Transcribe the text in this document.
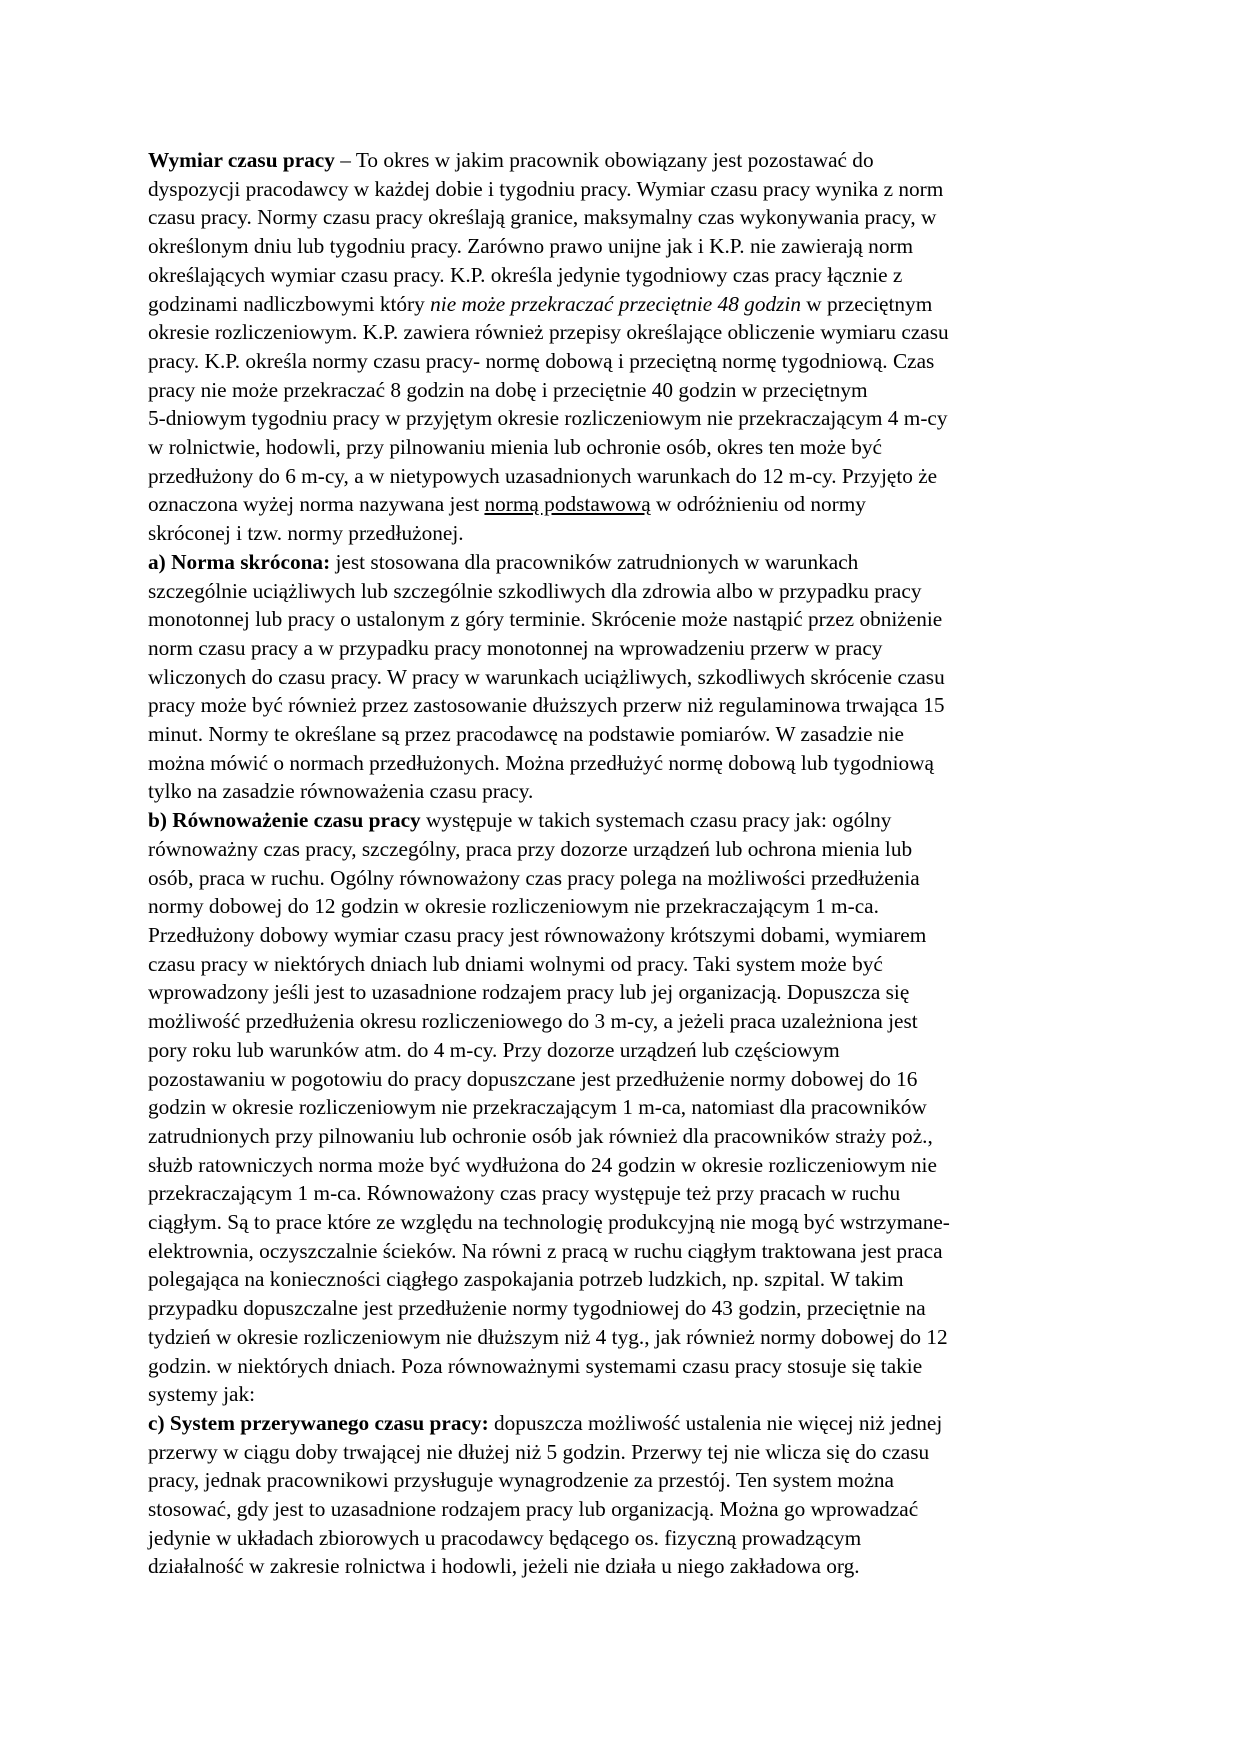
Wymiar czasu pracy – To okres w jakim pracownik obowiązany jest pozostawać do
dyspozycji pracodawcy w każdej dobie i tygodniu pracy. Wymiar czasu pracy wynika z norm
czasu pracy. Normy czasu pracy określają granice, maksymalny czas wykonywania pracy, w
określonym dniu lub tygodniu pracy. Zarówno prawo unijne jak i K.P. nie zawierają norm
określających wymiar czasu pracy. K.P. określa jedynie tygodniowy czas pracy łącznie z
godzinami nadliczbowymi który nie może przekraczać przeciętnie 48 godzin w przeciętnym
okresie rozliczeniowym. K.P. zawiera również przepisy określające obliczenie wymiaru czasu
pracy. K.P. określa normy czasu pracy- normę dobową i przeciętną normę tygodniową. Czas
pracy nie może przekraczać 8 godzin na dobę i przeciętnie 40 godzin w przeciętnym
5-dniowym tygodniu pracy w przyjętym okresie rozliczeniowym nie przekraczającym 4 m-cy
w rolnictwie, hodowli, przy pilnowaniu mienia lub ochronie osób, okres ten może być
przedłużony do 6 m-cy, a w nietypowych uzasadnionych warunkach do 12 m-cy. Przyjęto że
oznaczona wyżej norma nazywana jest normą podstawową w odróżnieniu od normy
skróconej i tzw. normy przedłużonej.
a) Norma skrócona: jest stosowana dla pracowników zatrudnionych w warunkach
szczególnie uciążliwych lub szczególnie szkodliwych dla zdrowia albo w przypadku pracy
monotonnej lub pracy o ustalonym z góry terminie. Skrócenie może nastąpić przez obniżenie
norm czasu pracy a w przypadku pracy monotonnej na wprowadzeniu przerw w pracy
wliczonych do czasu pracy. W pracy w warunkach uciążliwych, szkodliwych skrócenie czasu
pracy może być również przez zastosowanie dłuższych przerw niż regulaminowa trwająca 15
minut. Normy te określane są przez pracodawcę na podstawie pomiarów. W zasadzie nie
można mówić o normach przedłużonych. Można przedłużyć normę dobową lub tygodniową
tylko na zasadzie równoważenia czasu pracy.
b) Równoważenie czasu pracy występuje w takich systemach czasu pracy jak: ogólny
równoważny czas pracy, szczególny, praca przy dozorze urządzeń lub ochrona mienia lub
osób, praca w ruchu. Ogólny równoważony czas pracy polega na możliwości przedłużenia
normy dobowej do 12 godzin w okresie rozliczeniowym nie przekraczającym 1 m-ca.
Przedłużony dobowy wymiar czasu pracy jest równoważony krótszymi dobami, wymiarem
czasu pracy w niektórych dniach lub dniami wolnymi od pracy. Taki system może być
wprowadzony jeśli jest to uzasadnione rodzajem pracy lub jej organizacją. Dopuszcza się
możliwość przedłużenia okresu rozliczeniowego do 3 m-cy, a jeżeli praca uzależniona jest
pory roku lub warunków atm. do 4 m-cy. Przy dozorze urządzeń lub częściowym
pozostawaniu w pogotowiu do pracy dopuszczane jest przedłużenie normy dobowej do 16
godzin w okresie rozliczeniowym nie przekraczającym 1 m-ca, natomiast dla pracowników
zatrudnionych przy pilnowaniu lub ochronie osób jak również dla pracowników straży poż.,
służb ratowniczych norma może być wydłużona do 24 godzin w okresie rozliczeniowym nie
przekraczającym 1 m-ca. Równoważony czas pracy występuje też przy pracach w ruchu
ciągłym. Są to prace które ze względu na technologię produkcyjną nie mogą być wstrzymane-
elektrownia, oczyszczalnie ścieków. Na równi z pracą w ruchu ciągłym traktowana jest praca
polegająca na konieczności ciągłego zaspokajania potrzeb ludzkich, np. szpital. W takim
przypadku dopuszczalne jest przedłużenie normy tygodniowej do 43 godzin, przeciętnie na
tydzień w okresie rozliczeniowym nie dłuższym niż 4 tyg., jak również normy dobowej do 12
godzin. w niektórych dniach. Poza równoważnymi systemami czasu pracy stosuje się takie
systemy jak:
c) System przerywanego czasu pracy: dopuszcza możliwość ustalenia nie więcej niż jednej
przerwy w ciągu doby trwającej nie dłużej niż 5 godzin. Przerwy tej nie wlicza się do czasu
pracy, jednak pracownikowi przysługuje wynagrodzenie za przestój. Ten system można
stosować, gdy jest to uzasadnione rodzajem pracy lub organizacją. Można go wprowadzać
jedynie w układach zbiorowych u pracodawcy będącego os. fizyczną prowadzącym
działalność w zakresie rolnictwa i hodowli, jeżeli nie działa u niego zakładowa org.
